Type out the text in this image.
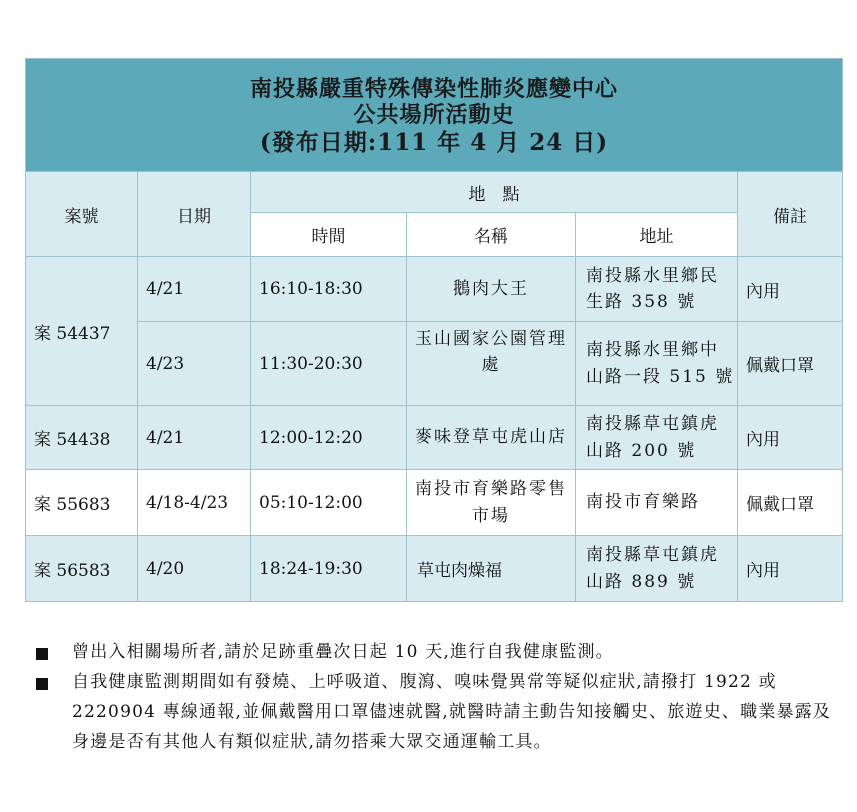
南投縣嚴重特殊傳染性肺炎應變中心
公共場所活動史
(發布日期:111 年 4 月 24 日)					

案號	日期	地　點			備註
		時間	名稱	地址	
案 54437	4/21	16:10-18:30	鵝肉大王	南投縣水里鄉民生路 358 號	內用
	4/23	11:30-20:30	玉山國家公園管理處	南投縣水里鄉中山路一段 515 號	佩戴口罩
案 54438	4/21	12:00-12:20	麥味登草屯虎山店	南投縣草屯鎮虎山路 200 號	內用
案 55683	4/18-4/23	05:10-12:00	南投市育樂路零售市場	南投市育樂路	佩戴口罩
案 56583	4/20	18:24-19:30	草屯肉燥福	南投縣草屯鎮虎山路 889 號	內用
曾出入相關場所者,請於足跡重疊次日起 10 天,進行自我健康監測。
自我健康監測期間如有發燒、上呼吸道、腹瀉、嗅味覺異常等疑似症狀,請撥打 1922 或 2220904 專線通報,並佩戴醫用口罩儘速就醫,就醫時請主動告知接觸史、旅遊史、職業暴露及身邊是否有其他人有類似症狀,請勿搭乘大眾交通運輸工具。
